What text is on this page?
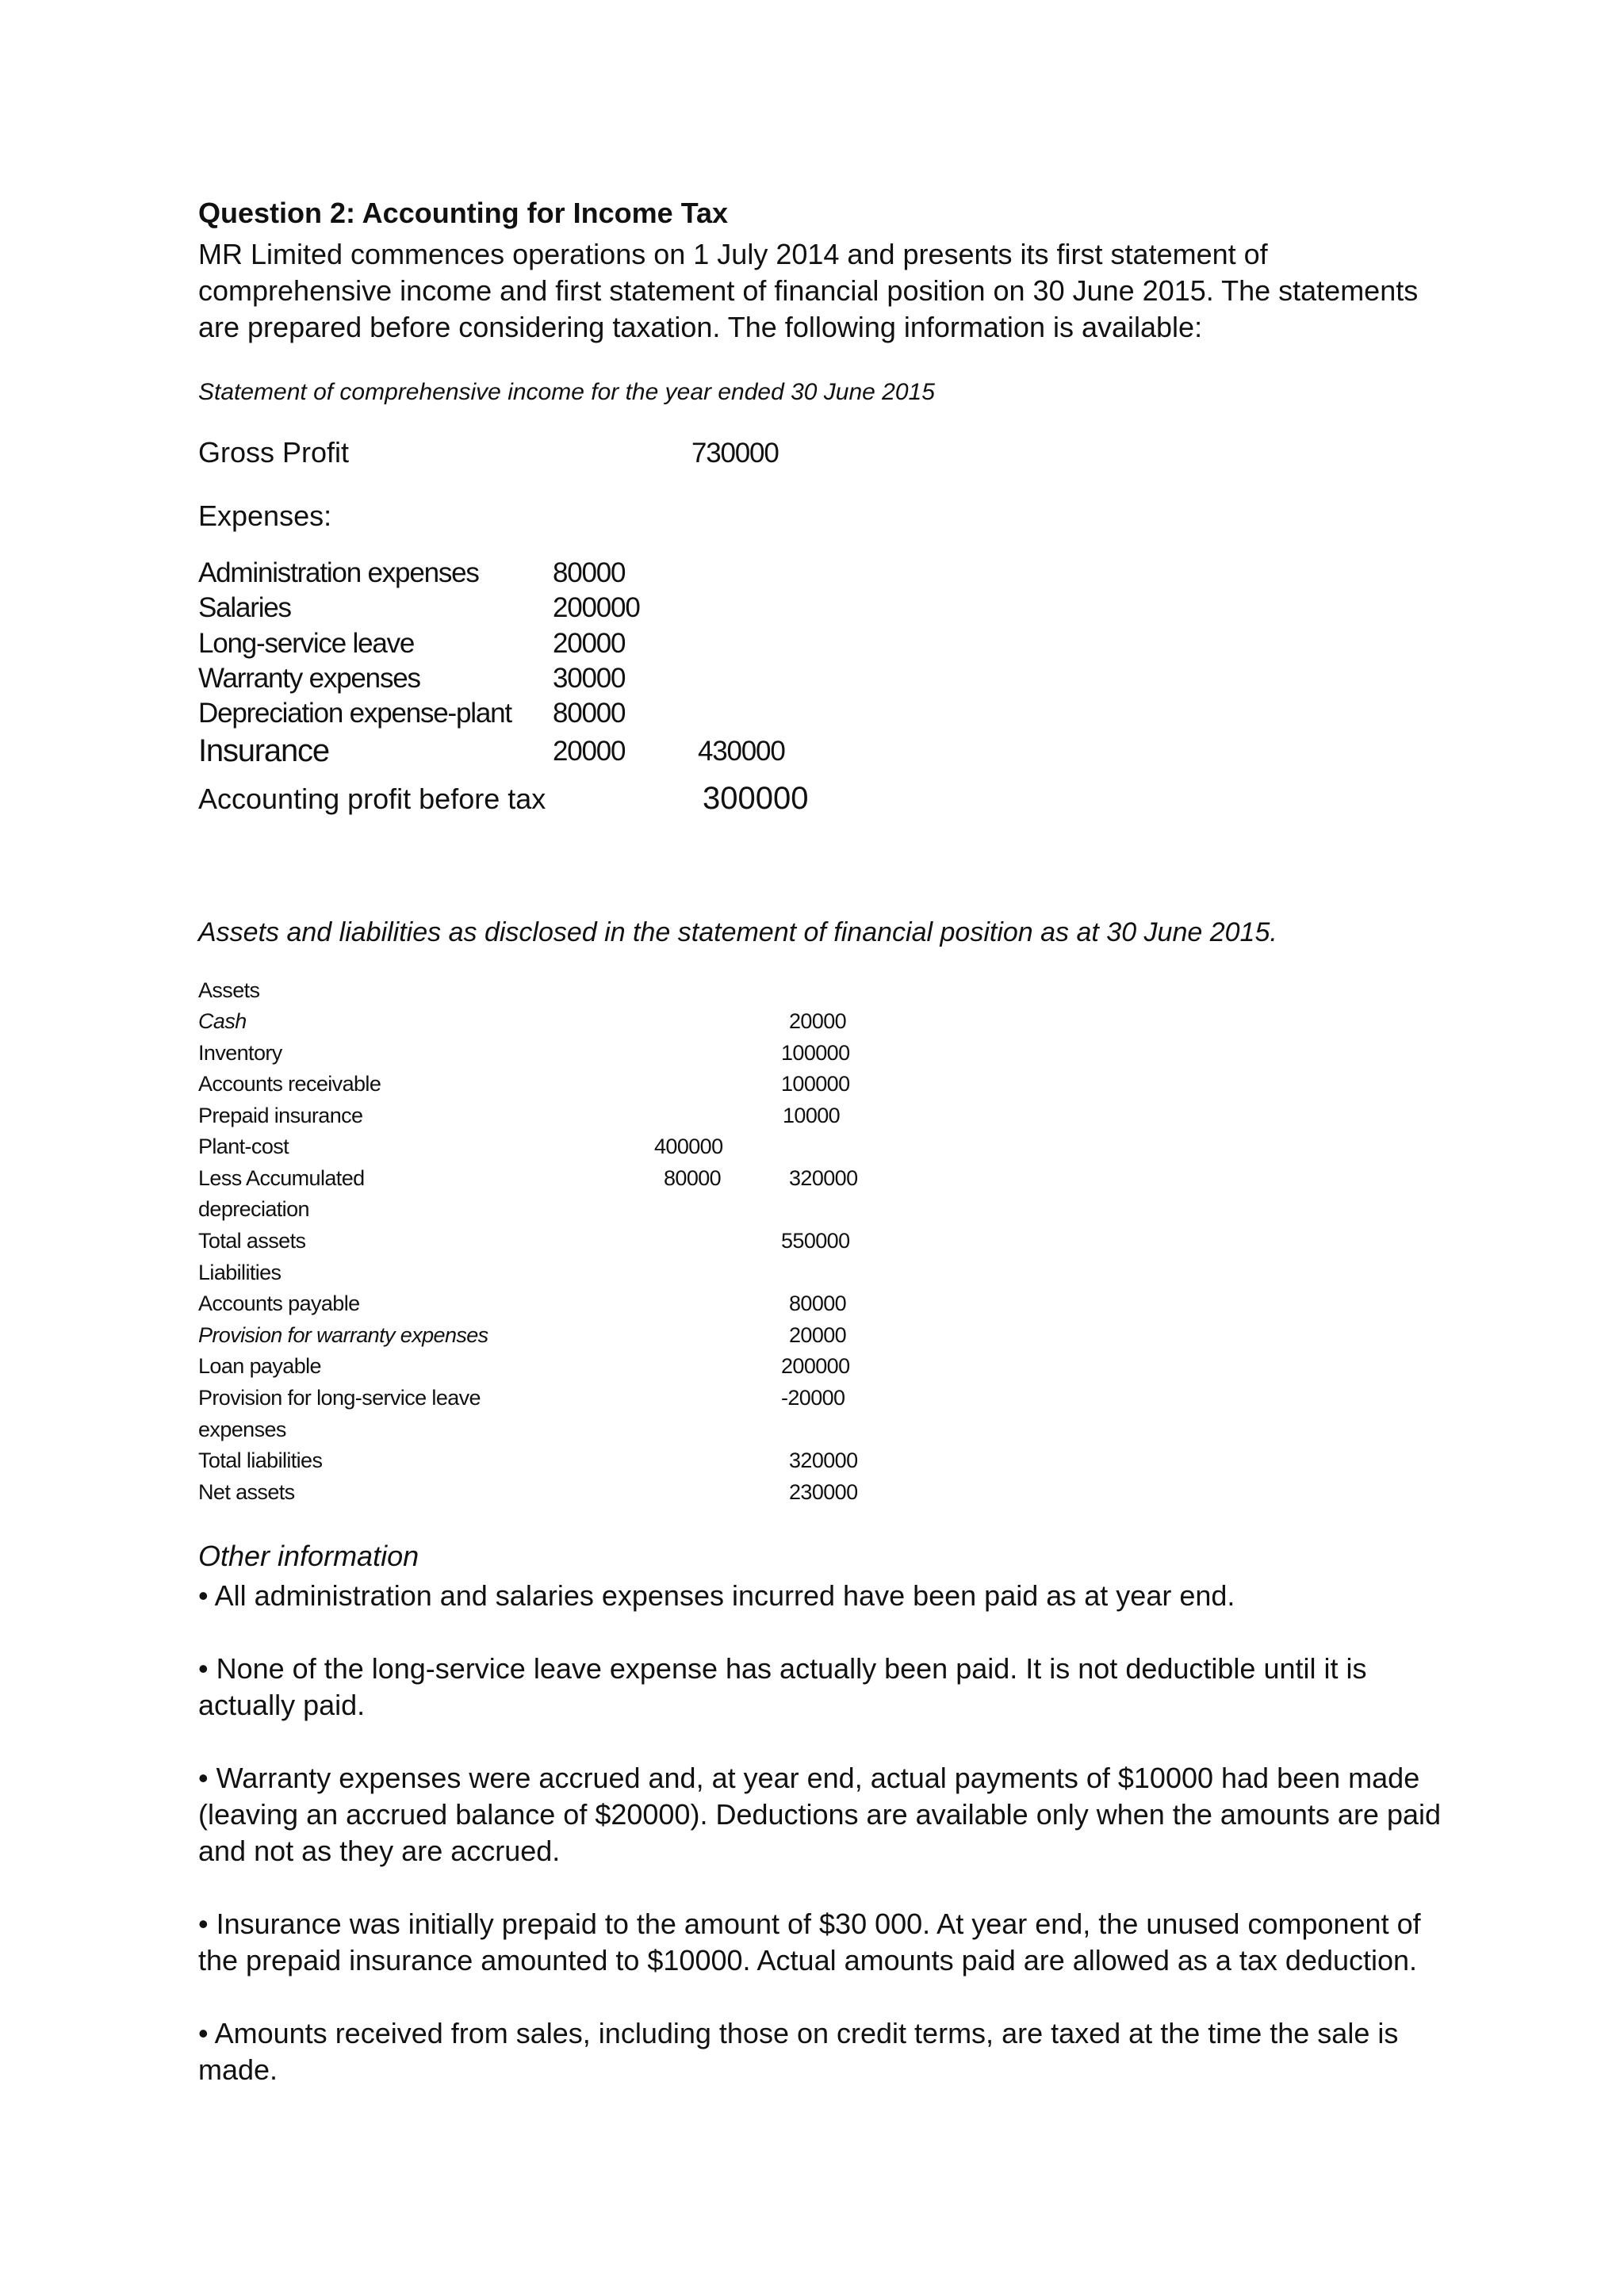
Question 2: Accounting for Income Tax
MR Limited commences operations on 1 July 2014 and presents its first statement of comprehensive income and first statement of financial position on 30 June 2015. The statements are prepared before considering taxation. The following information is available:
Statement of comprehensive income for the year ended 30 June 2015
Gross Profit	730000
Expenses:
Administration expenses	80000
Salaries	200000
Long-service leave	20000
Warranty expenses	30000
Depreciation expense-plant 80000
Insurance	20000	430000
Accounting profit before tax	300000
Assets and liabilities as disclosed in the statement of financial position as at 30 June 2015.
Assets
Cash	20000
Inventory	100000
Accounts receivable	100000
Prepaid insurance	10000
Plant-cost	400000
Less Accumulated
depreciation
80000	320000
Total assets	550000
Liabilities
Accounts payable	80000
Provision for warranty expenses	20000
Loan payable	200000
Provision for long-service leave
expenses
-20000
Total liabilities	320000
Net assets	230000
Other information
• All administration and salaries expenses incurred have been paid as at year end.
• None of the long-service leave expense has actually been paid. It is not deductible until it is actually paid.
• Warranty expenses were accrued and, at year end, actual payments of $10000 had been made (leaving an accrued balance of $20000). Deductions are available only when the amounts are paid and not as they are accrued.
• Insurance was initially prepaid to the amount of $30 000. At year end, the unused component of the prepaid insurance amounted to $10000. Actual amounts paid are allowed as a tax deduction.
• Amounts received from sales, including those on credit terms, are taxed at the time the sale is made.
